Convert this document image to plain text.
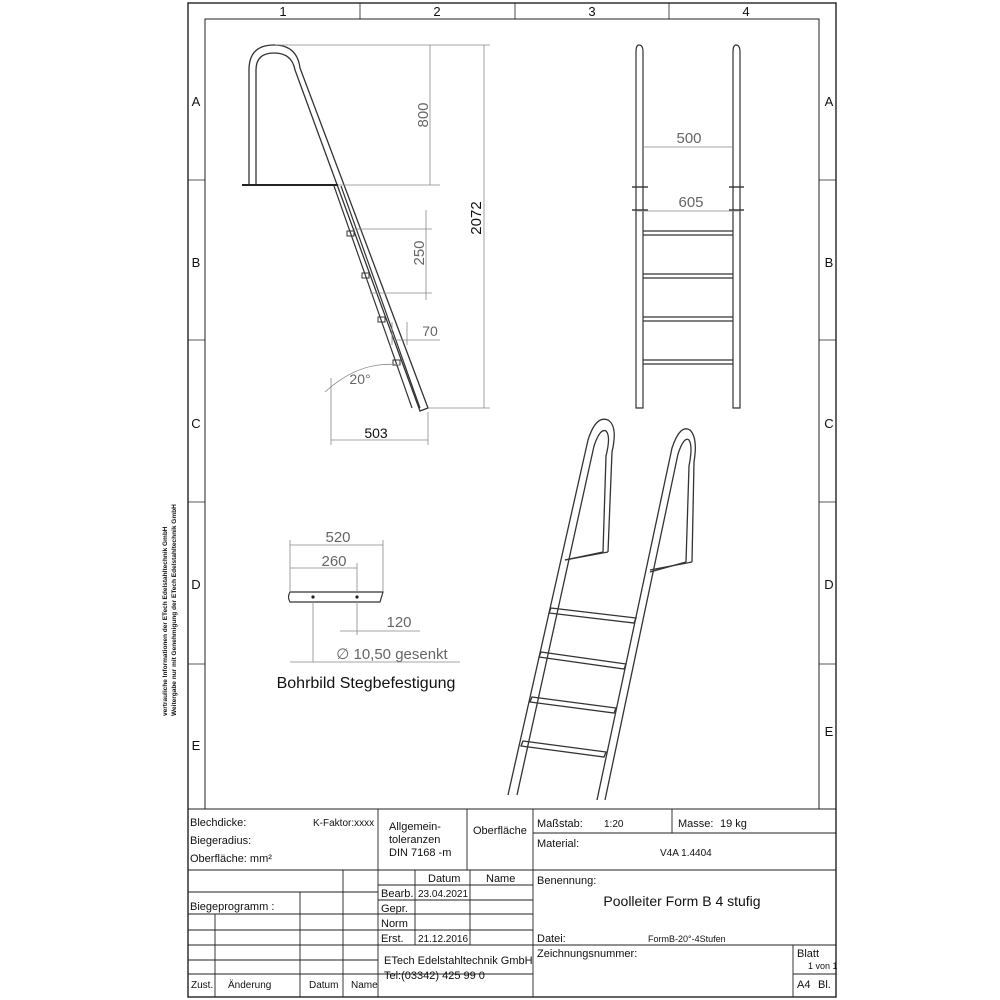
1	2	3	4
A
B
C
D
E
A
B
C
D
E
800
2072
250
70
20°
503
500
605
520
260
120
∅ 10,50 gesenkt
Bohrbild Stegbefestigung
Blechdicke:	K-Faktor:xxxx
Biegeradius:
Oberfläche: mm²
Allgemein-
toleranzen
DIN 7168 -m
Oberfläche
Maßstab: 1:20	Masse: 19 kg
Material:
V4A 1.4404
Biegeprogramm :
Datum Name
Bearb. 23.04.2021
Gepr.
Norm
Erst. 21.12.2016
Benennung:
Poolleiter Form B 4 stufig
Datei:	FormB-20°-4Stufen
ETech Edelstahltechnik GmbH
Tel:(03342) 425 99 0
Zeichnungsnummer:	Blatt
1 von 1
A4 Bl.
Zust. Änderung	Datum Name
vertrauliche Informationen der ETech Edelstahltechnik GmbH Weitergabe nur mit Genehmigung der ETech Edelstahltechnik GmbH
